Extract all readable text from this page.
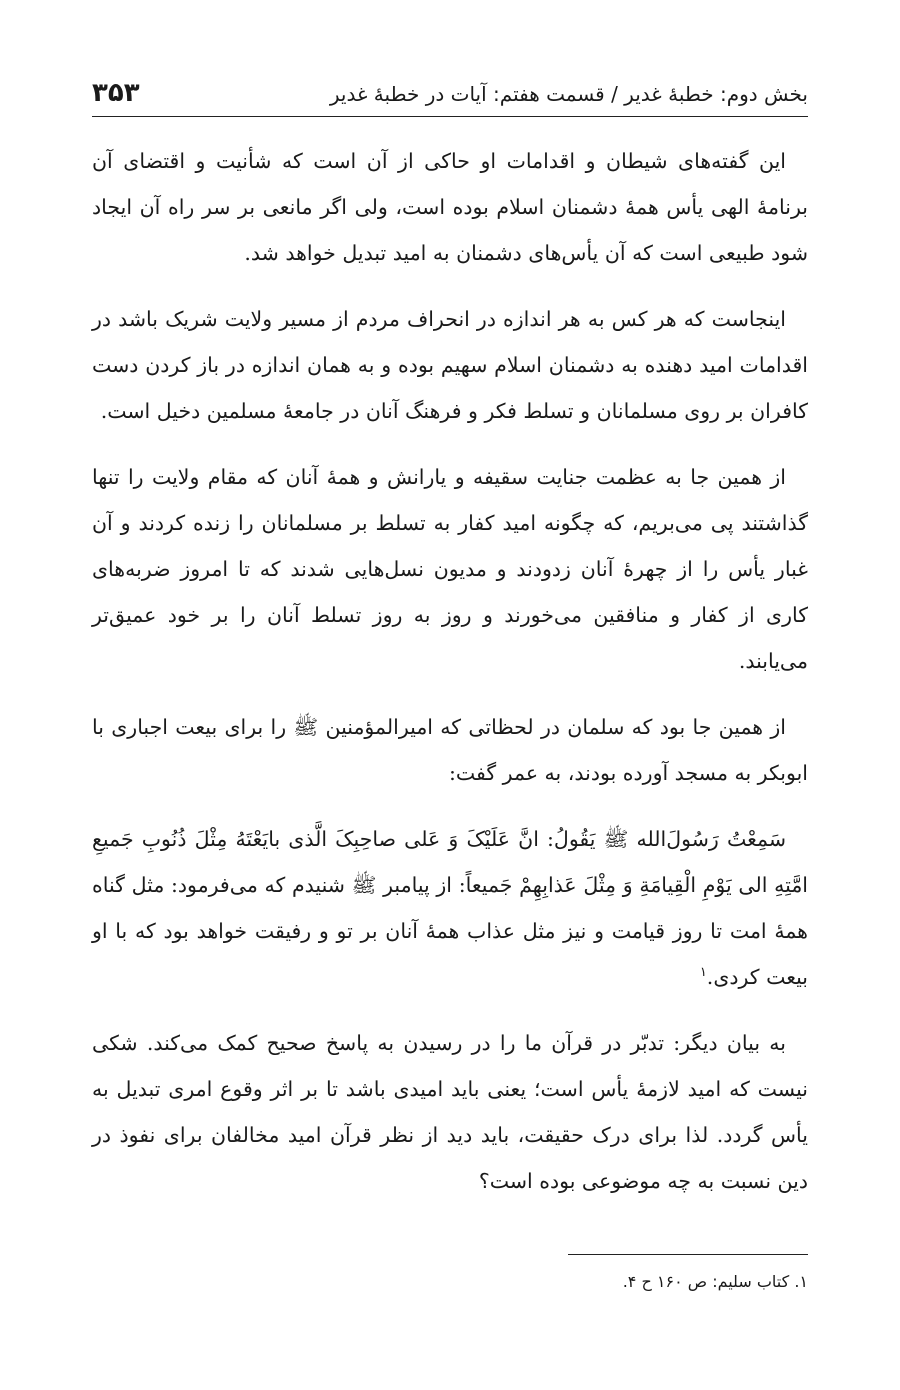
بخش دوم: خطبۀ غدیر / قسمت هفتم: آیات در خطبۀ غدیر
۳۵۳

این گفته‌های شیطان و اقدامات او حاکی از آن است که شأنیت و اقتضای آن برنامۀ الهی یأس همۀ دشمنان اسلام بوده است، ولی اگر مانعی بر سر راه آن ایجاد شود طبیعی است که آن یأس‌های دشمنان به امید تبدیل خواهد شد.

اینجاست که هر کس به هر اندازه در انحراف مردم از مسیر ولایت شریک باشد در اقدامات امید دهنده به دشمنان اسلام سهیم بوده و به همان اندازه در باز کردن دست کافران بر روی مسلمانان و تسلط فکر و فرهنگ آنان در جامعۀ مسلمین دخیل است.

از همین جا به عظمت جنایت سقیفه و یارانش و همۀ آنان که مقام ولایت را تنها گذاشتند پی می‌بریم، که چگونه امید کفار به تسلط بر مسلمانان را زنده کردند و آن غبار یأس را از چهرۀ آنان زدودند و مدیون نسل‌هایی شدند که تا امروز ضربه‌های کاری از کفار و منافقین می‌خورند و روز به روز تسلط آنان را بر خود عمیق‌تر می‌یابند.

از همین جا بود که سلمان در لحظاتی که امیرالمؤمنین ﷺ را برای بیعت اجباری با ابوبکر به مسجد آورده بودند، به عمر گفت:

سَمِعْتُ رَسُولَ‌الله ﷺ یَقُولُ: انَّ عَلَیْکَ وَ عَلی صاحِبِکَ الَّذی بایَعْتَهُ مِثْلَ ذُنُوبِ جَمیعِ امَّتِهِ الی یَوْمِ الْقِیامَةِ وَ مِثْلَ عَذابِهِمْ جَمیعاً: از پیامبر ﷺ شنیدم که می‌فرمود: مثل گناه همۀ امت تا روز قیامت و نیز مثل عذاب همۀ آنان بر تو و رفیقت خواهد بود که با او بیعت کردی.$^۱$

به بیان دیگر: تدبّر در قرآن ما را در رسیدن به پاسخ صحیح کمک می‌کند. شکی نیست که امید لازمۀ یأس است؛ یعنی باید امیدی باشد تا بر اثر وقوع امری تبدیل به یأس گردد. لذا برای درک حقیقت، باید دید از نظر قرآن امید مخالفان برای نفوذ در دین نسبت به چه موضوعی بوده است؟

۱. کتاب سلیم: ص ۱۶۰ ح ۴.
